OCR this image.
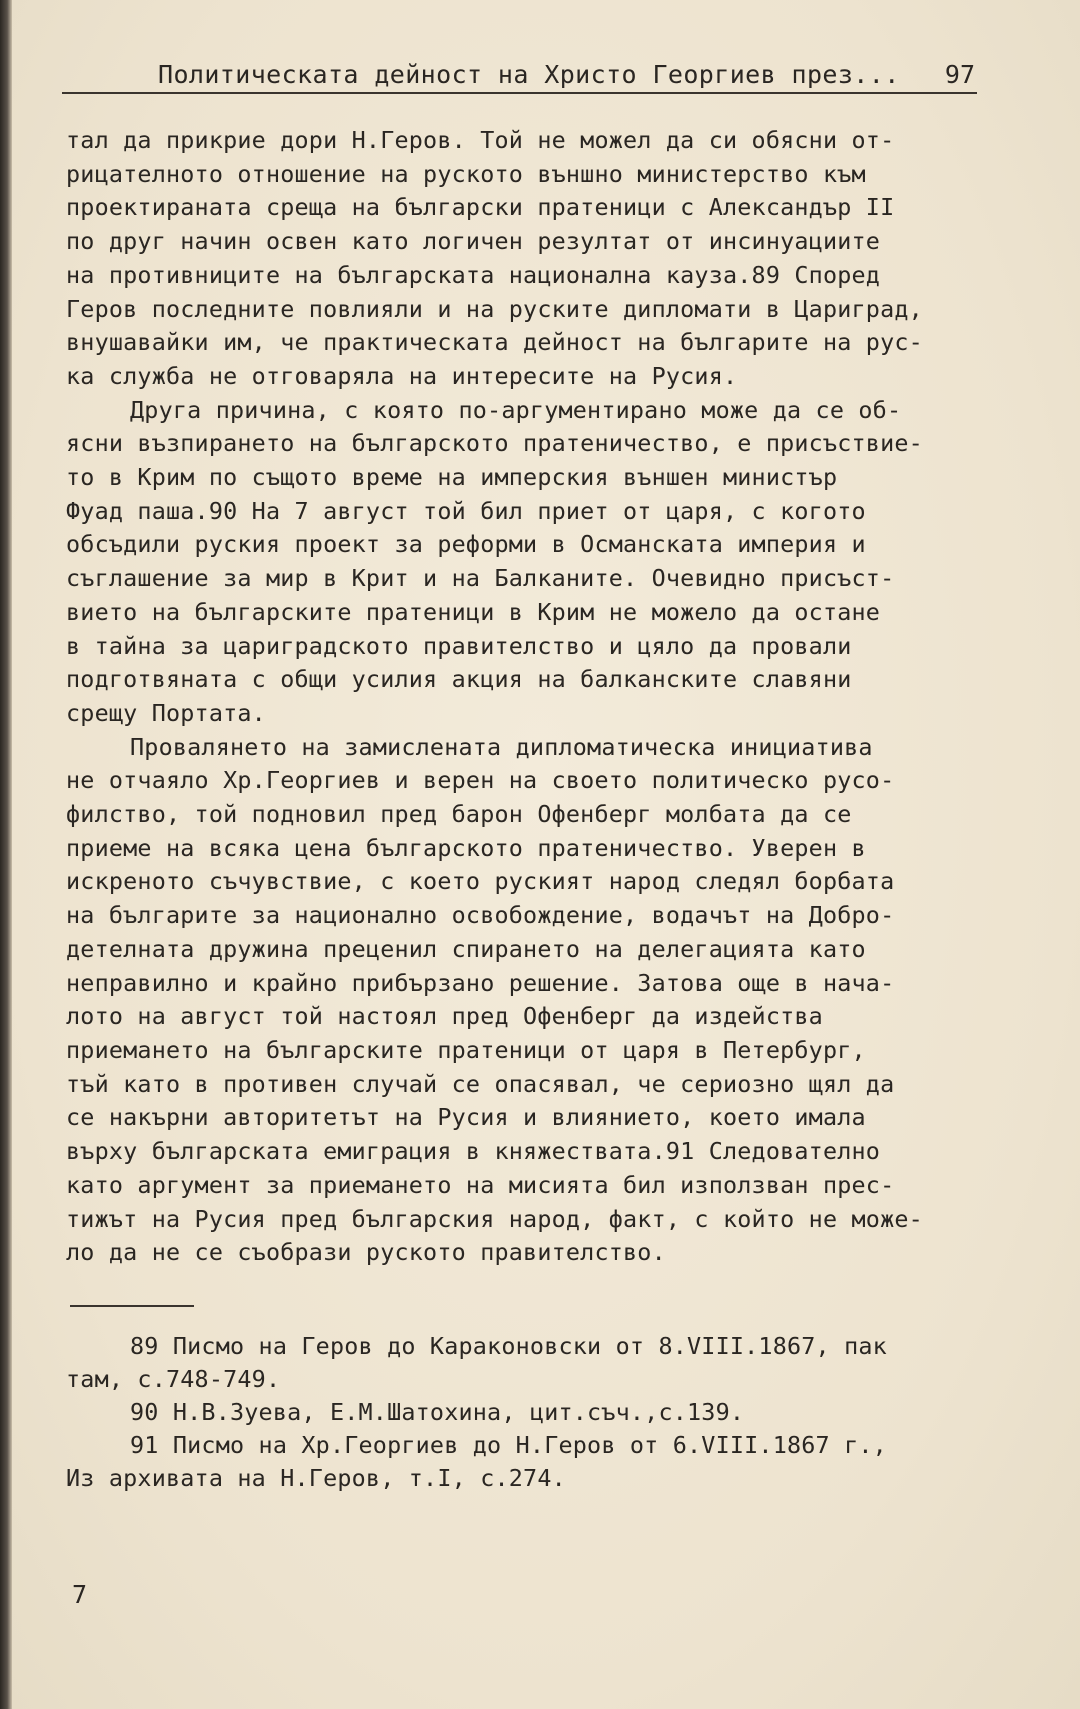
Политическата дейност на Христо Георгиев през... 97
тал да прикрие дори Н.Геров. Той не можел да си обясни от-
рицателното отношение на руското външно министерство към
проектираната среща на български пратеници с Александър II
по друг начин освен като логичен резултат от инсинуациите
на противниците на българската национална кауза.89 Според
Геров последните повлияли и на руските дипломати в Цариград,
внушавайки им, че практическата дейност на българите на рус-
ка служба не отговаряла на интересите на Русия.
Друга причина, с която по-аргументирано може да се об-
ясни възпирането на българското пратеничество, е присъствие-
то в Крим по същото време на имперския външен министър
Фуад паша.90 На 7 август той бил приет от царя, с когото
обсъдили руския проект за реформи в Османската империя и
съглашение за мир в Крит и на Балканите. Очевидно присъст-
вието на българските пратеници в Крим не можело да остане
в тайна за цариградското правителство и цяло да провали
подготвяната с общи усилия акция на балканските славяни
срещу Портата.
Провалянето на замислената дипломатическа инициатива
не отчаяло Хр.Георгиев и верен на своето политическо русо-
филство, той подновил пред барон Офенберг молбата да се
приеме на всяка цена българското пратеничество. Уверен в
искреното съчувствие, с което руският народ следял борбата
на българите за национално освобождение, водачът на Добро-
детелната дружина преценил спирането на делегацията като
неправилно и крайно прибързано решение. Затова още в нача-
лото на август той настоял пред Офенберг да издейства
приемането на българските пратеници от царя в Петербург,
тъй като в противен случай се опасявал, че сериозно щял да
се накърни авторитетът на Русия и влиянието, което имала
върху българската емиграция в княжествата.91 Следователно
като аргумент за приемането на мисията бил използван прес-
тижът на Русия пред българския народ, факт, с който не може-
ло да не се съобрази руското правителство.
89 Писмо на Геров до Караконовски от 8.VIII.1867, пак
там, с.748-749.
90 Н.В.Зуева, Е.М.Шатохина, цит.съч.,с.139.
91 Писмо на Хр.Георгиев до Н.Геров от 6.VIII.1867 г.,
Из архивата на Н.Геров, т.I, с.274.
7
